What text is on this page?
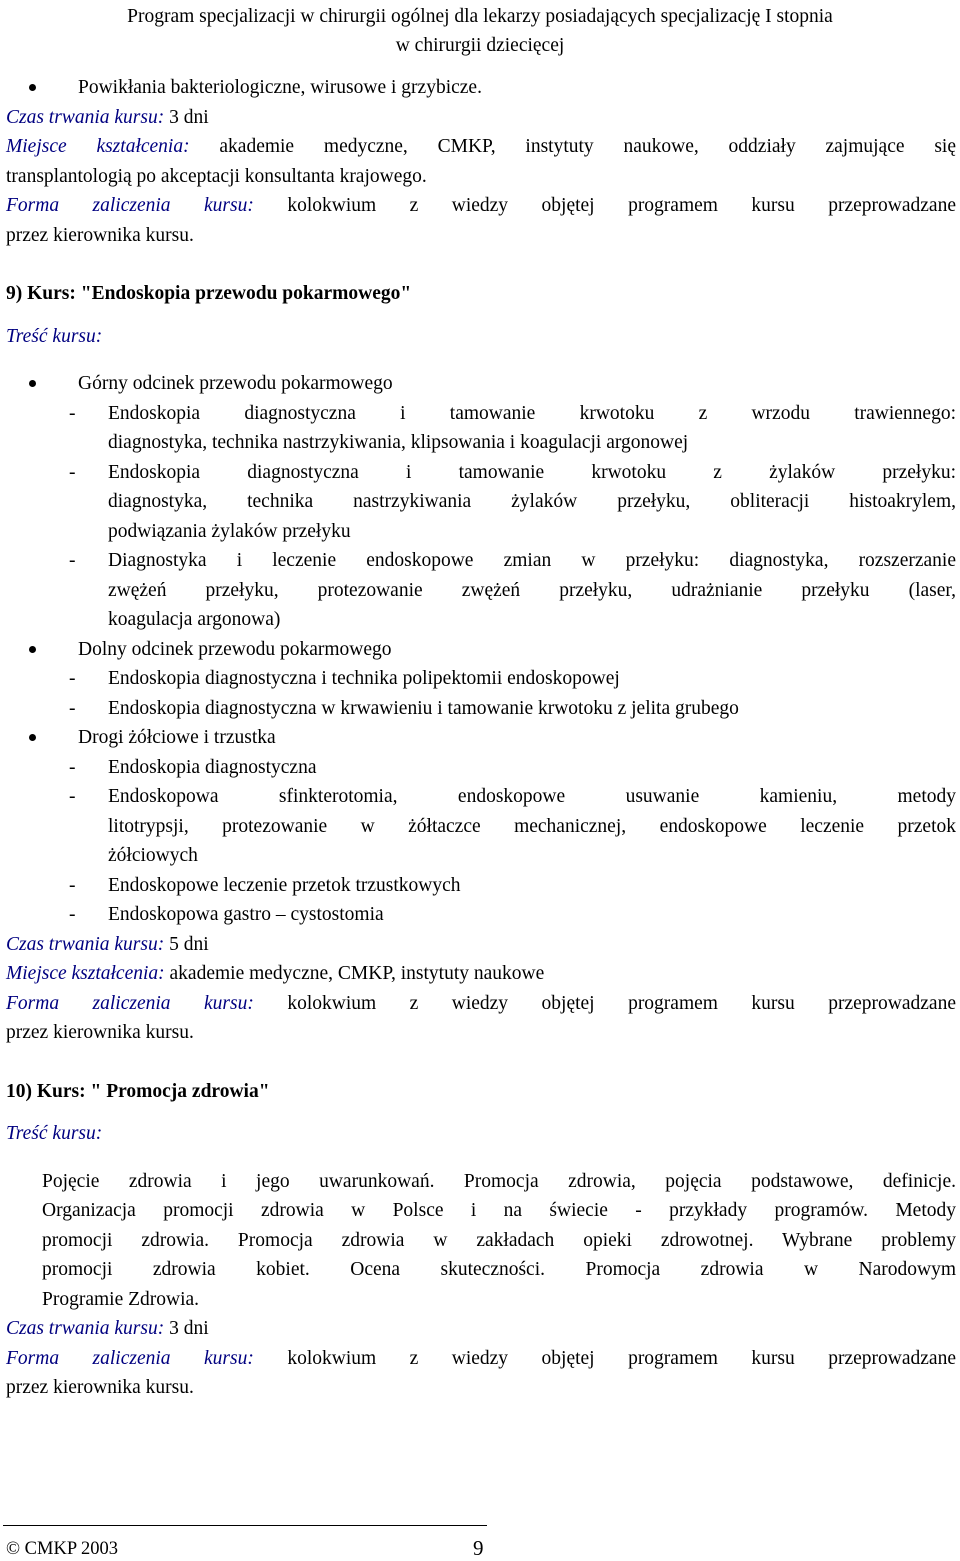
Program specjalizacji w chirurgii ogólnej dla lekarzy posiadających specjalizację I stopnia
w chirurgii dziecięcej
Powikłania bakteriologiczne, wirusowe i grzybicze.
Czas trwania kursu: 3 dni
Miejsce kształcenia: akademie medyczne, CMKP, instytuty naukowe, oddziały zajmujące się
transplantologią po akceptacji konsultanta krajowego.
Forma zaliczenia kursu: kolokwium z wiedzy objętej programem kursu przeprowadzane
przez kierownika kursu.
9) Kurs: "Endoskopia przewodu pokarmowego"
Treść kursu:
Górny odcinek przewodu pokarmowego
- Endoskopia diagnostyczna i tamowanie krwotoku z wrzodu trawiennego:
diagnostyka, technika nastrzykiwania, klipsowania i koagulacji argonowej
- Endoskopia diagnostyczna i tamowanie krwotoku z żylaków przełyku:
diagnostyka, technika nastrzykiwania żylaków przełyku, obliteracji histoakrylem,
podwiązania żylaków przełyku
- Diagnostyka i leczenie endoskopowe zmian w przełyku: diagnostyka, rozszerzanie
zwężeń przełyku, protezowanie zwężeń przełyku, udrażnianie przełyku (laser,
koagulacja argonowa)
Dolny odcinek przewodu pokarmowego
- Endoskopia diagnostyczna i technika polipektomii endoskopowej
- Endoskopia diagnostyczna w krwawieniu i tamowanie krwotoku z jelita grubego
Drogi żółciowe i trzustka
- Endoskopia diagnostyczna
- Endoskopowa sfinkterotomia, endoskopowe usuwanie kamieniu, metody
litotrypsji, protezowanie w żółtaczce mechanicznej, endoskopowe leczenie przetok
żółciowych
- Endoskopowe leczenie przetok trzustkowych
- Endoskopowa gastro – cystostomia
Czas trwania kursu: 5 dni
Miejsce kształcenia: akademie medyczne, CMKP, instytuty naukowe
Forma zaliczenia kursu: kolokwium z wiedzy objętej programem kursu przeprowadzane
przez kierownika kursu.
10) Kurs: " Promocja zdrowia"
Treść kursu:
Pojęcie zdrowia i jego uwarunkowań. Promocja zdrowia, pojęcia podstawowe, definicje.
Organizacja promocji zdrowia w Polsce i na świecie - przykłady programów. Metody
promocji zdrowia. Promocja zdrowia w zakładach opieki zdrowotnej. Wybrane problemy
promocji zdrowia kobiet. Ocena skuteczności. Promocja zdrowia w Narodowym
Programie Zdrowia.
Czas trwania kursu: 3 dni
Forma zaliczenia kursu: kolokwium z wiedzy objętej programem kursu przeprowadzane
przez kierownika kursu.
© CMKP 2003	9
